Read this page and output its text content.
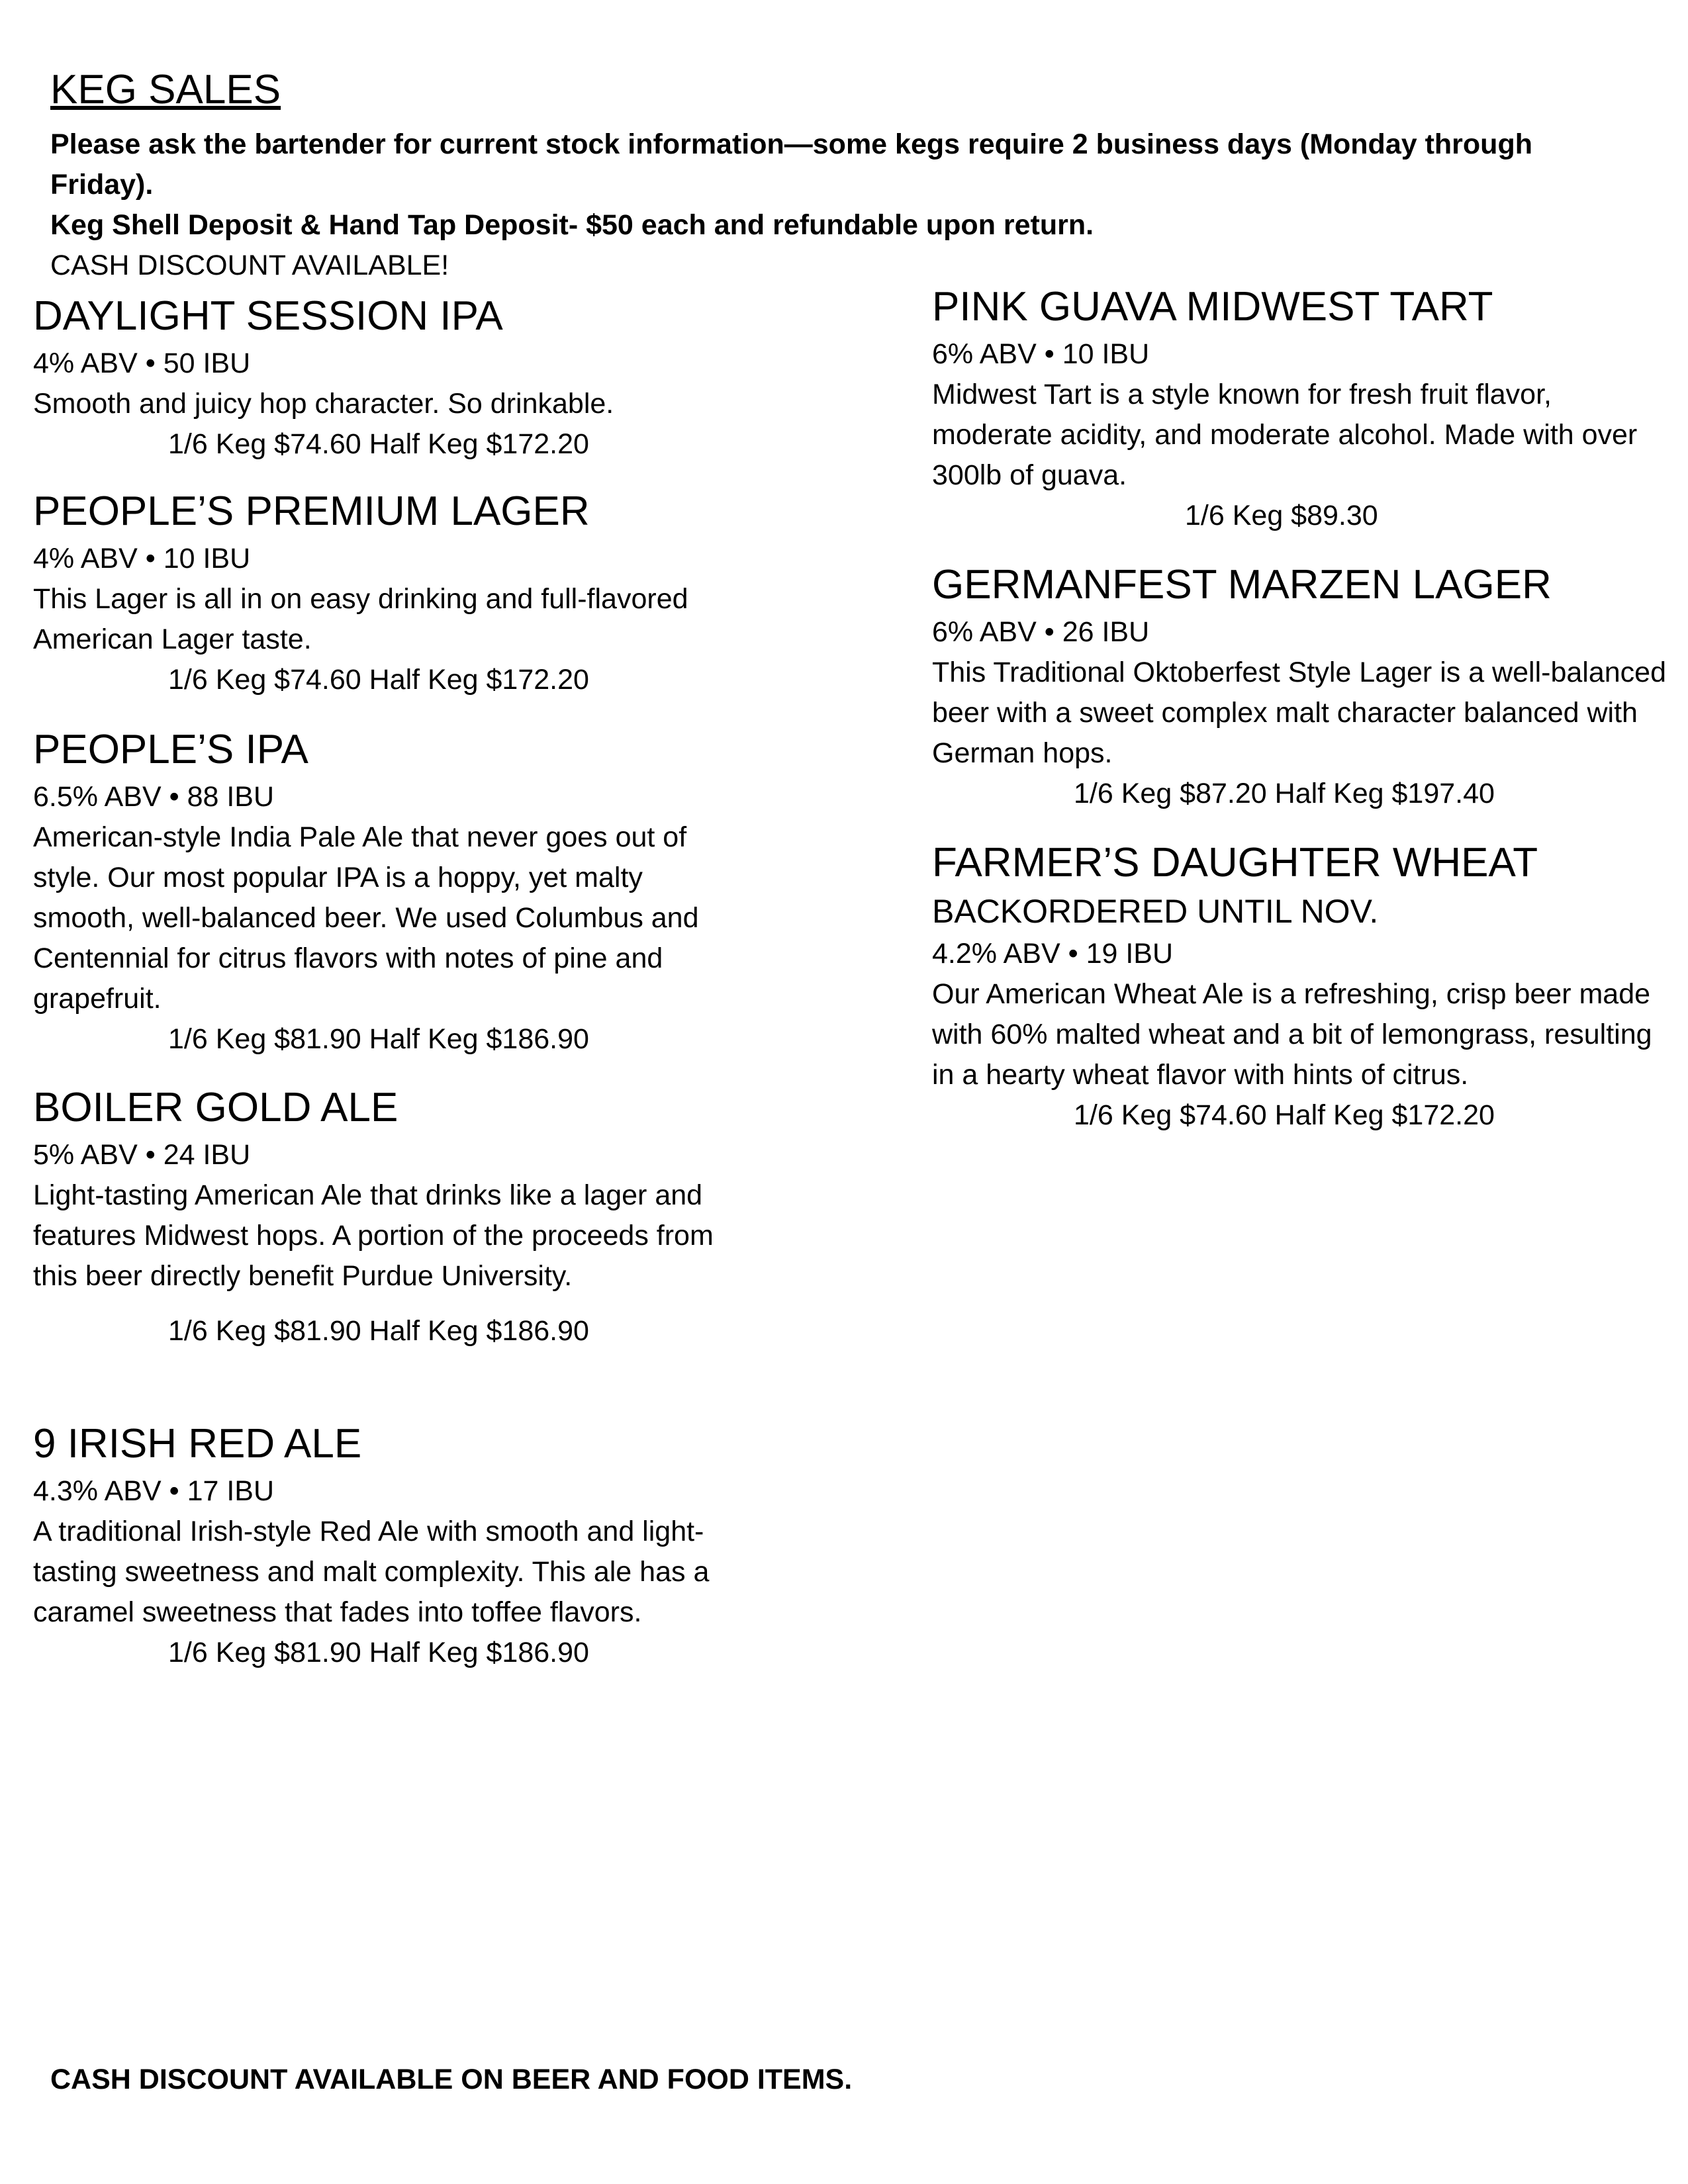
KEG SALES

Please ask the bartender for current stock information—some kegs require 2 business days (Monday through Friday).

Keg Shell Deposit & Hand Tap Deposit- $50 each and refundable upon return.

CASH DISCOUNT AVAILABLE!

DAYLIGHT SESSION IPA

4% ABV • 50 IBU

Smooth and juicy hop character. So drinkable.

1/6 Keg $74.60 Half Keg $172.20

PEOPLE’S PREMIUM LAGER

4% ABV • 10 IBU

This Lager is all in on easy drinking and full-flavored American Lager taste.

1/6 Keg $74.60 Half Keg $172.20

PEOPLE’S IPA

6.5% ABV • 88 IBU

American-style India Pale Ale that never goes out of style. Our most popular IPA is a hoppy, yet malty smooth, well-balanced beer. We used Columbus and Centennial for citrus flavors with notes of pine and grapefruit.

1/6 Keg $81.90 Half Keg $186.90

BOILER GOLD ALE

5% ABV • 24 IBU

Light-tasting American Ale that drinks like a lager and features Midwest hops. A portion of the proceeds from this beer directly benefit Purdue University.

1/6 Keg $81.90 Half Keg $186.90

9 IRISH RED ALE

4.3% ABV • 17 IBU

A traditional Irish-style Red Ale with smooth and light-tasting sweetness and malt complexity. This ale has a caramel sweetness that fades into toffee flavors.

1/6 Keg $81.90 Half Keg $186.90

PINK GUAVA MIDWEST TART

6% ABV • 10 IBU

Midwest Tart is a style known for fresh fruit flavor, moderate acidity, and moderate alcohol. Made with over 300lb of guava.

1/6 Keg $89.30

GERMANFEST MARZEN LAGER

6% ABV • 26 IBU

This Traditional Oktoberfest Style Lager is a well-balanced beer with a sweet complex malt character balanced with German hops.

1/6 Keg $87.20 Half Keg $197.40

FARMER’S DAUGHTER WHEAT

BACKORDERED UNTIL NOV.

4.2% ABV • 19 IBU

Our American Wheat Ale is a refreshing, crisp beer made with 60% malted wheat and a bit of lemongrass, resulting in a hearty wheat flavor with hints of citrus.

1/6 Keg $74.60 Half Keg $172.20

CASH DISCOUNT AVAILABLE ON BEER AND FOOD ITEMS.
